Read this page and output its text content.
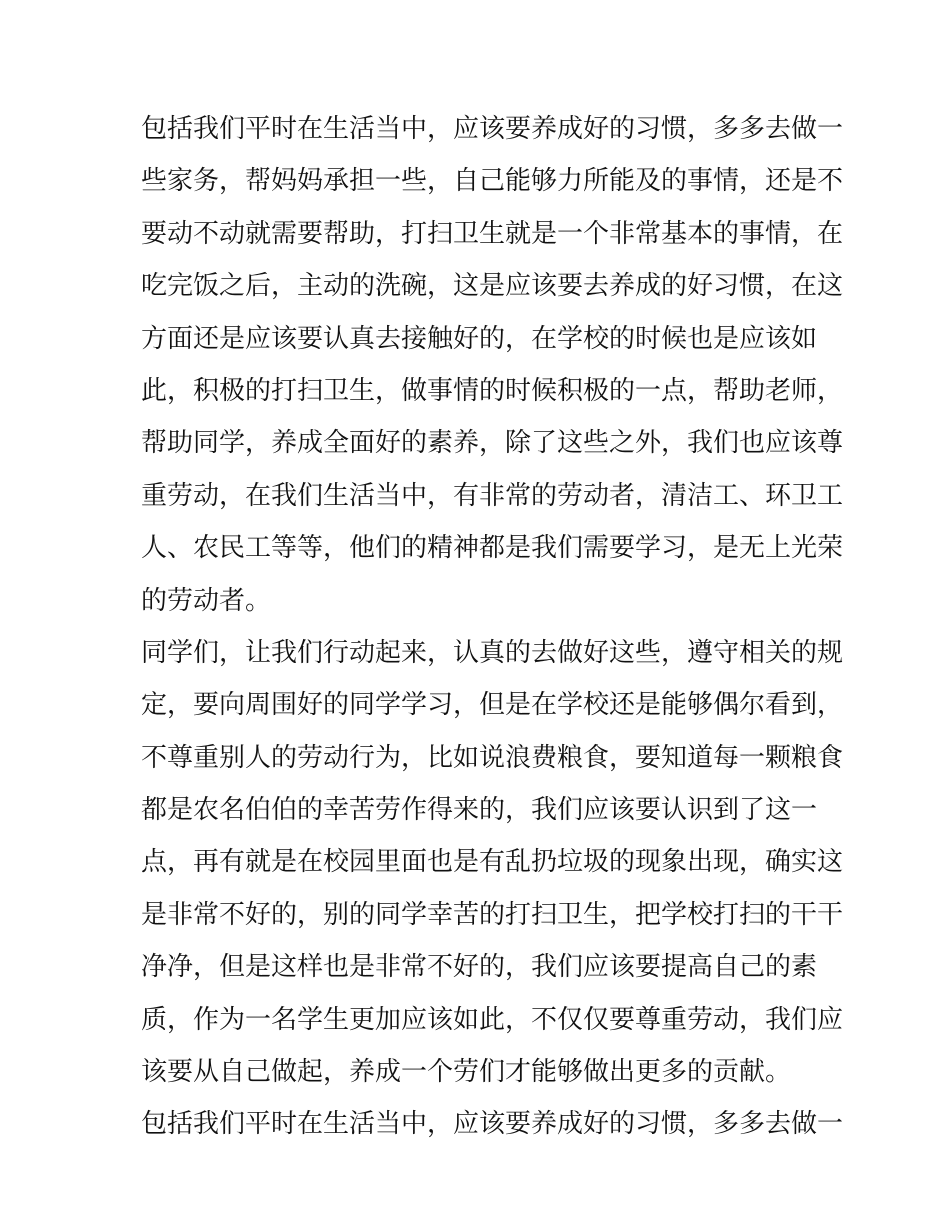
包括我们平时在生活当中，应该要养成好的习惯，多多去做一
些家务，帮妈妈承担一些，自己能够力所能及的事情，还是不
要动不动就需要帮助，打扫卫生就是一个非常基本的事情，在
吃完饭之后，主动的洗碗，这是应该要去养成的好习惯，在这
方面还是应该要认真去接触好的，在学校的时候也是应该如
此，积极的打扫卫生，做事情的时候积极的一点，帮助老师，
帮助同学，养成全面好的素养，除了这些之外，我们也应该尊
重劳动，在我们生活当中，有非常的劳动者，清洁工、环卫工
人、农民工等等，他们的精神都是我们需要学习，是无上光荣
的劳动者。
同学们，让我们行动起来，认真的去做好这些，遵守相关的规
定，要向周围好的同学学习，但是在学校还是能够偶尔看到，
不尊重别人的劳动行为，比如说浪费粮食，要知道每一颗粮食
都是农名伯伯的幸苦劳作得来的，我们应该要认识到了这一
点，再有就是在校园里面也是有乱扔垃圾的现象出现，确实这
是非常不好的，别的同学幸苦的打扫卫生，把学校打扫的干干
净净，但是这样也是非常不好的，我们应该要提高自己的素
质，作为一名学生更加应该如此，不仅仅要尊重劳动，我们应
该要从自己做起，养成一个劳们才能够做出更多的贡献。
包括我们平时在生活当中，应该要养成好的习惯，多多去做一
